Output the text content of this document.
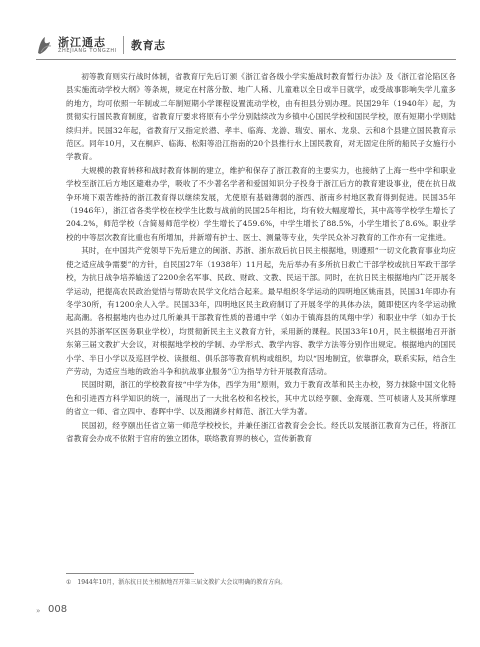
浙江通志
ZHEJIANG TONGZHI 教育志

初等教育则实行战时体制，省教育厅先后订颁《浙江省各级小学实施战时教育暂行办法》及《浙江省沦陷区各县实施流动学校大纲》等条规，规定在村落分散、地广人稀、儿童难以全日或半日就学，或受战事影响失学儿童多的地方，均可依照一年制或二年制短期小学课程设置流动学校，由有担县分别办理。民国29年（1940年）起，为贯彻实行国民教育制度，省教育厅要求将原有小学分别陆续改为乡镇中心国民学校和国民学校，原有短期小学则陆续归并。民国32年起，省教育厅又指定於潜、孝丰、临海、龙游、瑞安、丽水、龙泉、云和8个县建立国民教育示范区。同年10月，又在桐庐、临海、松阳等沿江指南的20个县推行水上国民教育，对无固定住所的船民子女施行小学教育。

大规模的教育转移和战时教育体制的建立，维护和保存了浙江教育的主要实力，也接纳了上海一些中学和职业学校至浙江后方地区避难办学，吸收了不少著名学者和爱国知识分子投身于浙江后方的教育建设事业，使在抗日战争环境下艰苦维持的浙江教育得以继续发展，尤使原有基础薄弱的浙西、浙南乡村地区教育得到促进。民国35年（1946年），浙江省各类学校在校学生比数与战前的民国25年相比，均有较大幅度增长，其中高等学校学生增长了204.2%，师范学校（含简易师范学校）学生增长了459.6%，中学生增长了88.5%，小学生增长了8.6%。职业学校的中等层次教育比重也有所增加，并新增有护士、医士、测量等专业，失学民众补习教育的工作亦有一定推进。

其时，在中国共产党领导下先后建立的闽浙、苏浙、浙东敌后抗日民主根据地，则遵照“一切文化教育事业均应使之适应战争需要”的方针，自民国27年（1938年）11月起，先后举办有多所抗日救亡干部学校或抗日军政干部学校，为抗日战争培养输送了2200余名军事、民政、财政、文教、民运干部。同时，在抗日民主根据地内广泛开展冬学运动，把提高农民政治觉悟与帮助农民学文化结合起来。最早组织冬学运动的四明地区姚南县，民国31年即办有冬学30所，有1200余人入学。民国33年，四明地区民主政府制订了开展冬学的具体办法，随即使区内冬学运动掀起高潮。各根据地内也办过几所兼具干部教育性质的普通中学（如办于镇海县的凤翔中学）和职业中学（如办于长兴县的苏浙军区医务职业学校），均贯彻新民主主义教育方针，采用新的课程。民国33年10月，民主根据地召开浙东第三届文教扩大会议，对根据地学校的学制、办学形式、教学内容、教学方法等分别作出规定。根据地内的国民小学、半日小学以及巡回学校、读报组、俱乐部等教育机构或组织，均以“因地制宜，依靠群众，联系实际，结合生产劳动，为适应当地的政治斗争和抗战事业服务”①为指导方针开展教育活动。

民国时期，浙江的学校教育按“中学为体，西学为用”原则，致力于教育改革和民主办校，努力抹除中国文化特色和引进西方科学知识的统一，涌现出了一大批名校和名校长，其中尤以经亨颐、金海观、竺可桢诸人及其所掌理的省立一师、省立四中、春晖中学、以及湘湖乡村师范、浙江大学为著。

民国初，经亨颐出任省立第一师范学校校长，并兼任浙江省教育会会长。经氏以发展浙江教育为己任，将浙江省教育会办成不依附于官府的独立团体，联络教育界的核心，宣传新教育

① 1944年10月，浙东抗日民主根据地召开第三届文教扩大会议明确的教育方向。
» 008
